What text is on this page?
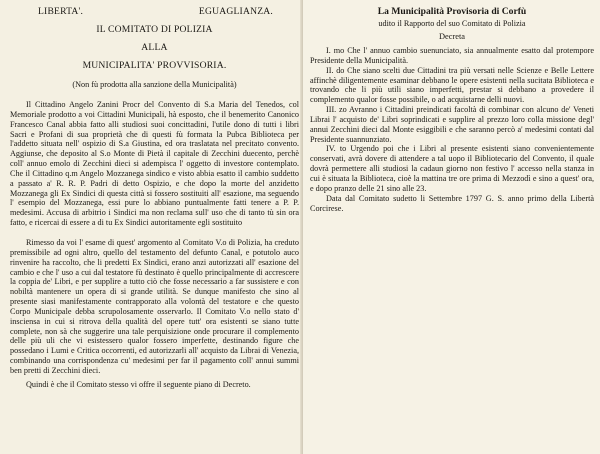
LIBERTA'.	EGUAGLIANZA.
IL COMITATO DI POLIZIA
ALLA
MUNICIPALITA' PROVVISORIA.
(Non fù prodotta alla sanzione della Municipalità)

Il Cittadino Angelo Zanini Procr del Convento di S.a Maria del Tenedos, col Memoriale prodotto a voi Cittadini Municipali, hà esposto, che il benemerito Canonico Francesco Canal abbia fatto alli studiosi suoi concittadini, l'utile dono di tutti i libri Sacri e Profani di sua proprietà che di questi fù formata la Pubca Biblioteca per l'addetto situata nell' ospizio di S.a Giustina, ed ora traslatata nel precitato convento. Aggiunse, che deposito al S.o Monte di Pietà il capitale di Zecchini duecento, perchè coll' annuo emolo di Zecchini dieci si adempisca l' oggetto di investore contemplato. Che il Cittadino q.m Angelo Mozzanega sindico e visto abbia esatto il cambio suddetto a passato a' R. R. P. Padri di detto Ospizio, e che dopo la morte del anzidetto Mozzanega gli Ex Sindici di questa città si fossero sostituiti all' esazione, ma seguendo l' esempio del Mozzanega, essi pure lo abbiano puntualmente fatti tenere a P. P. medesimi. Accusa di arbitrio i Sindici ma non reclama sull' uso che di tanto tù sin ora fatto, e ricercai di essere a di tu Ex Sindici autoritamente egli sostituito

Rimesso da voi l' esame di quest' argomento al Comitato V.o di Polizia, ha creduto premissibile ad ogni altro, quello del testamento del defunto Canal, e potutolo auco rinvenire ha raccolto, che li predetti Ex Sindici, erano anzi autorizzati all' esazione del cambio e che l' uso a cui dal testatore fù destinato è quello principalmente di accrescere la coppia de' Libri, e per supplire a tutto ciò che fosse necessario a far sussistere e con nobiltà mantenere un opera di si grande utilità. Se dunque manifesto che sino al presente siasi manifestamente contrapporato alla volontà del testatore e che questo Corpo Municipale debba scrupolosamente osservarlo. Il Comitato V.o nello stato d' insciensa in cui si ritrova della qualità del opere tutt' ora esistenti se siano tutte complete, non sà che suggerire una tale perquisizione onde procurare il complemento delle più uli che vi esistessero qualor fossero imperfette, destinando figure che possedano i Lumi e Critica occorrenti, ed autorizzarli all' acquisto da Librai di Venezia, combinando una corrispondenza cu' medesimi per far il pagamento coll' annui summi ben pretti di Zecchini dieci.

Quindi è che il Comitato stesso vi offre il seguente piano di Decreto.

La Municipalità Provisoria di Corfù
udito il Rapporto del suo Comitato di Polizia
Decreta

I. mo Che l' annuo cambio suenunciato, sia annualmente esatto dal protempore Presidente della Municipalità.

II. do Che siano scelti due Cittadini tra più versati nelle Scienze e Belle Lettere affinchè diligentemente esaminar debbano le opere esistenti nella sucitata Biblioteca e trovando che li più utili siano imperfetti, prestar si debbano a provedere il complemento qualor fosse possibile, o ad acquistarne delli nuovi.

III. zo Avranno i Cittadini preindicati facoltà di combinar con alcuno de' Veneti Librai l' acquisto de' Libri soprindicati e supplire al prezzo loro colla missione degl' annui Zecchini dieci dal Monte esiggibili e che saranno percò a' medesimi contati dal Presidente suannunziato.

IV. to Urgendo poi che i Libri al presente esistenti siano convenientemente conservati, avrà dovere di attendere a tal uopo il Bibliotecario del Convento, il quale dovrà permettere alli studiosi la cadaun giorno non festivo l' accesso nella stanza in cui è situata la Biblioteca, cioè la mattina tre ore prima di Mezzodì e sino a quest' ora, e dopo pranzo delle 21 sino alle 23.

Data dal Comitato sudetto li Settembre 1797 G. S. anno primo della Libertà Corcirese.
